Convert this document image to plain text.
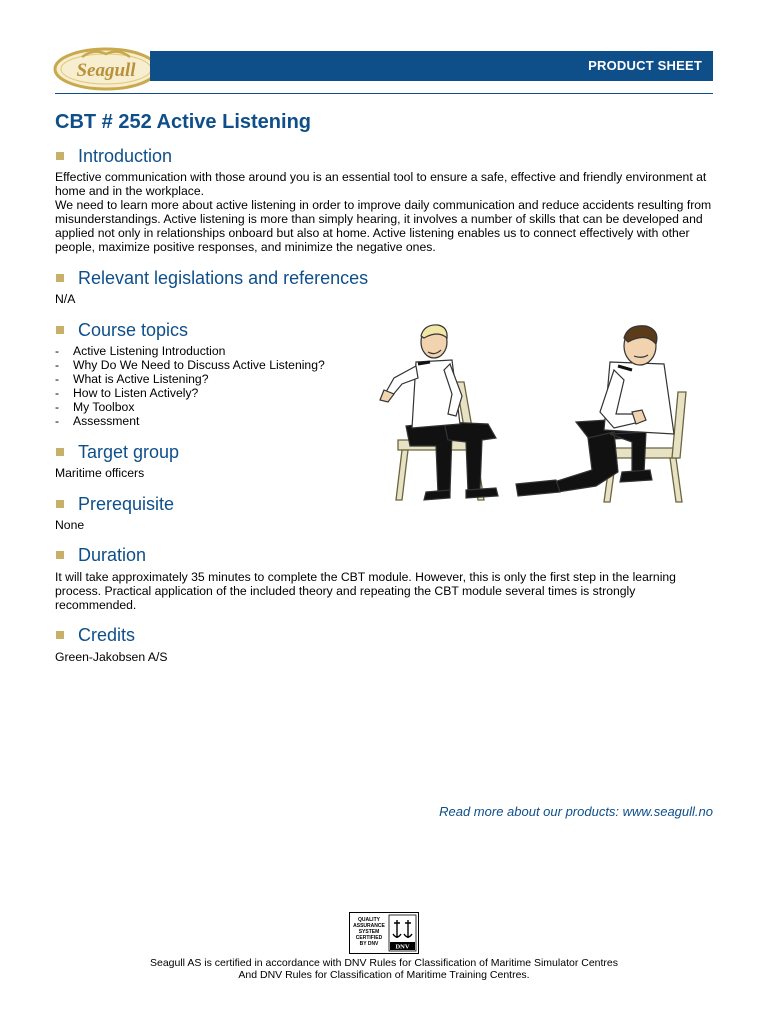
Seagull	PRODUCT SHEET
CBT # 252 Active Listening
Introduction

Effective communication with those around you is an essential tool to ensure a safe, effective and friendly environment at home and in the workplace.

We need to learn more about active listening in order to improve daily communication and reduce accidents resulting from misunderstandings. Active listening is more than simply hearing, it involves a number of skills that can be developed and applied not only in relationships onboard but also at home. Active listening enables us to connect effectively with other people, maximize positive responses, and minimize the negative ones.

Relevant legislations and references
N/A
Course topics
-	Active Listening Introduction
-	Why Do We Need to Discuss Active Listening?
-	What is Active Listening?
-	How to Listen Actively?
-	My Toolbox
-	Assessment
Target group
Maritime officers
Prerequisite
None
Duration
It will take approximately 35 minutes to complete the CBT module. However, this is only the first step in the learning process. Practical application of the included theory and repeating the CBT module several times is strongly recommended.
Credits
Green-Jakobsen A/S
Read more about our products: www.seagull.no
QUALITY
ASSURANCE
SYSTEM
CERTIFIED
BY DNV	DNV
Seagull AS is certified in accordance with DNV Rules for Classification of Maritime Simulator Centres
And DNV Rules for Classification of Maritime Training Centres.
